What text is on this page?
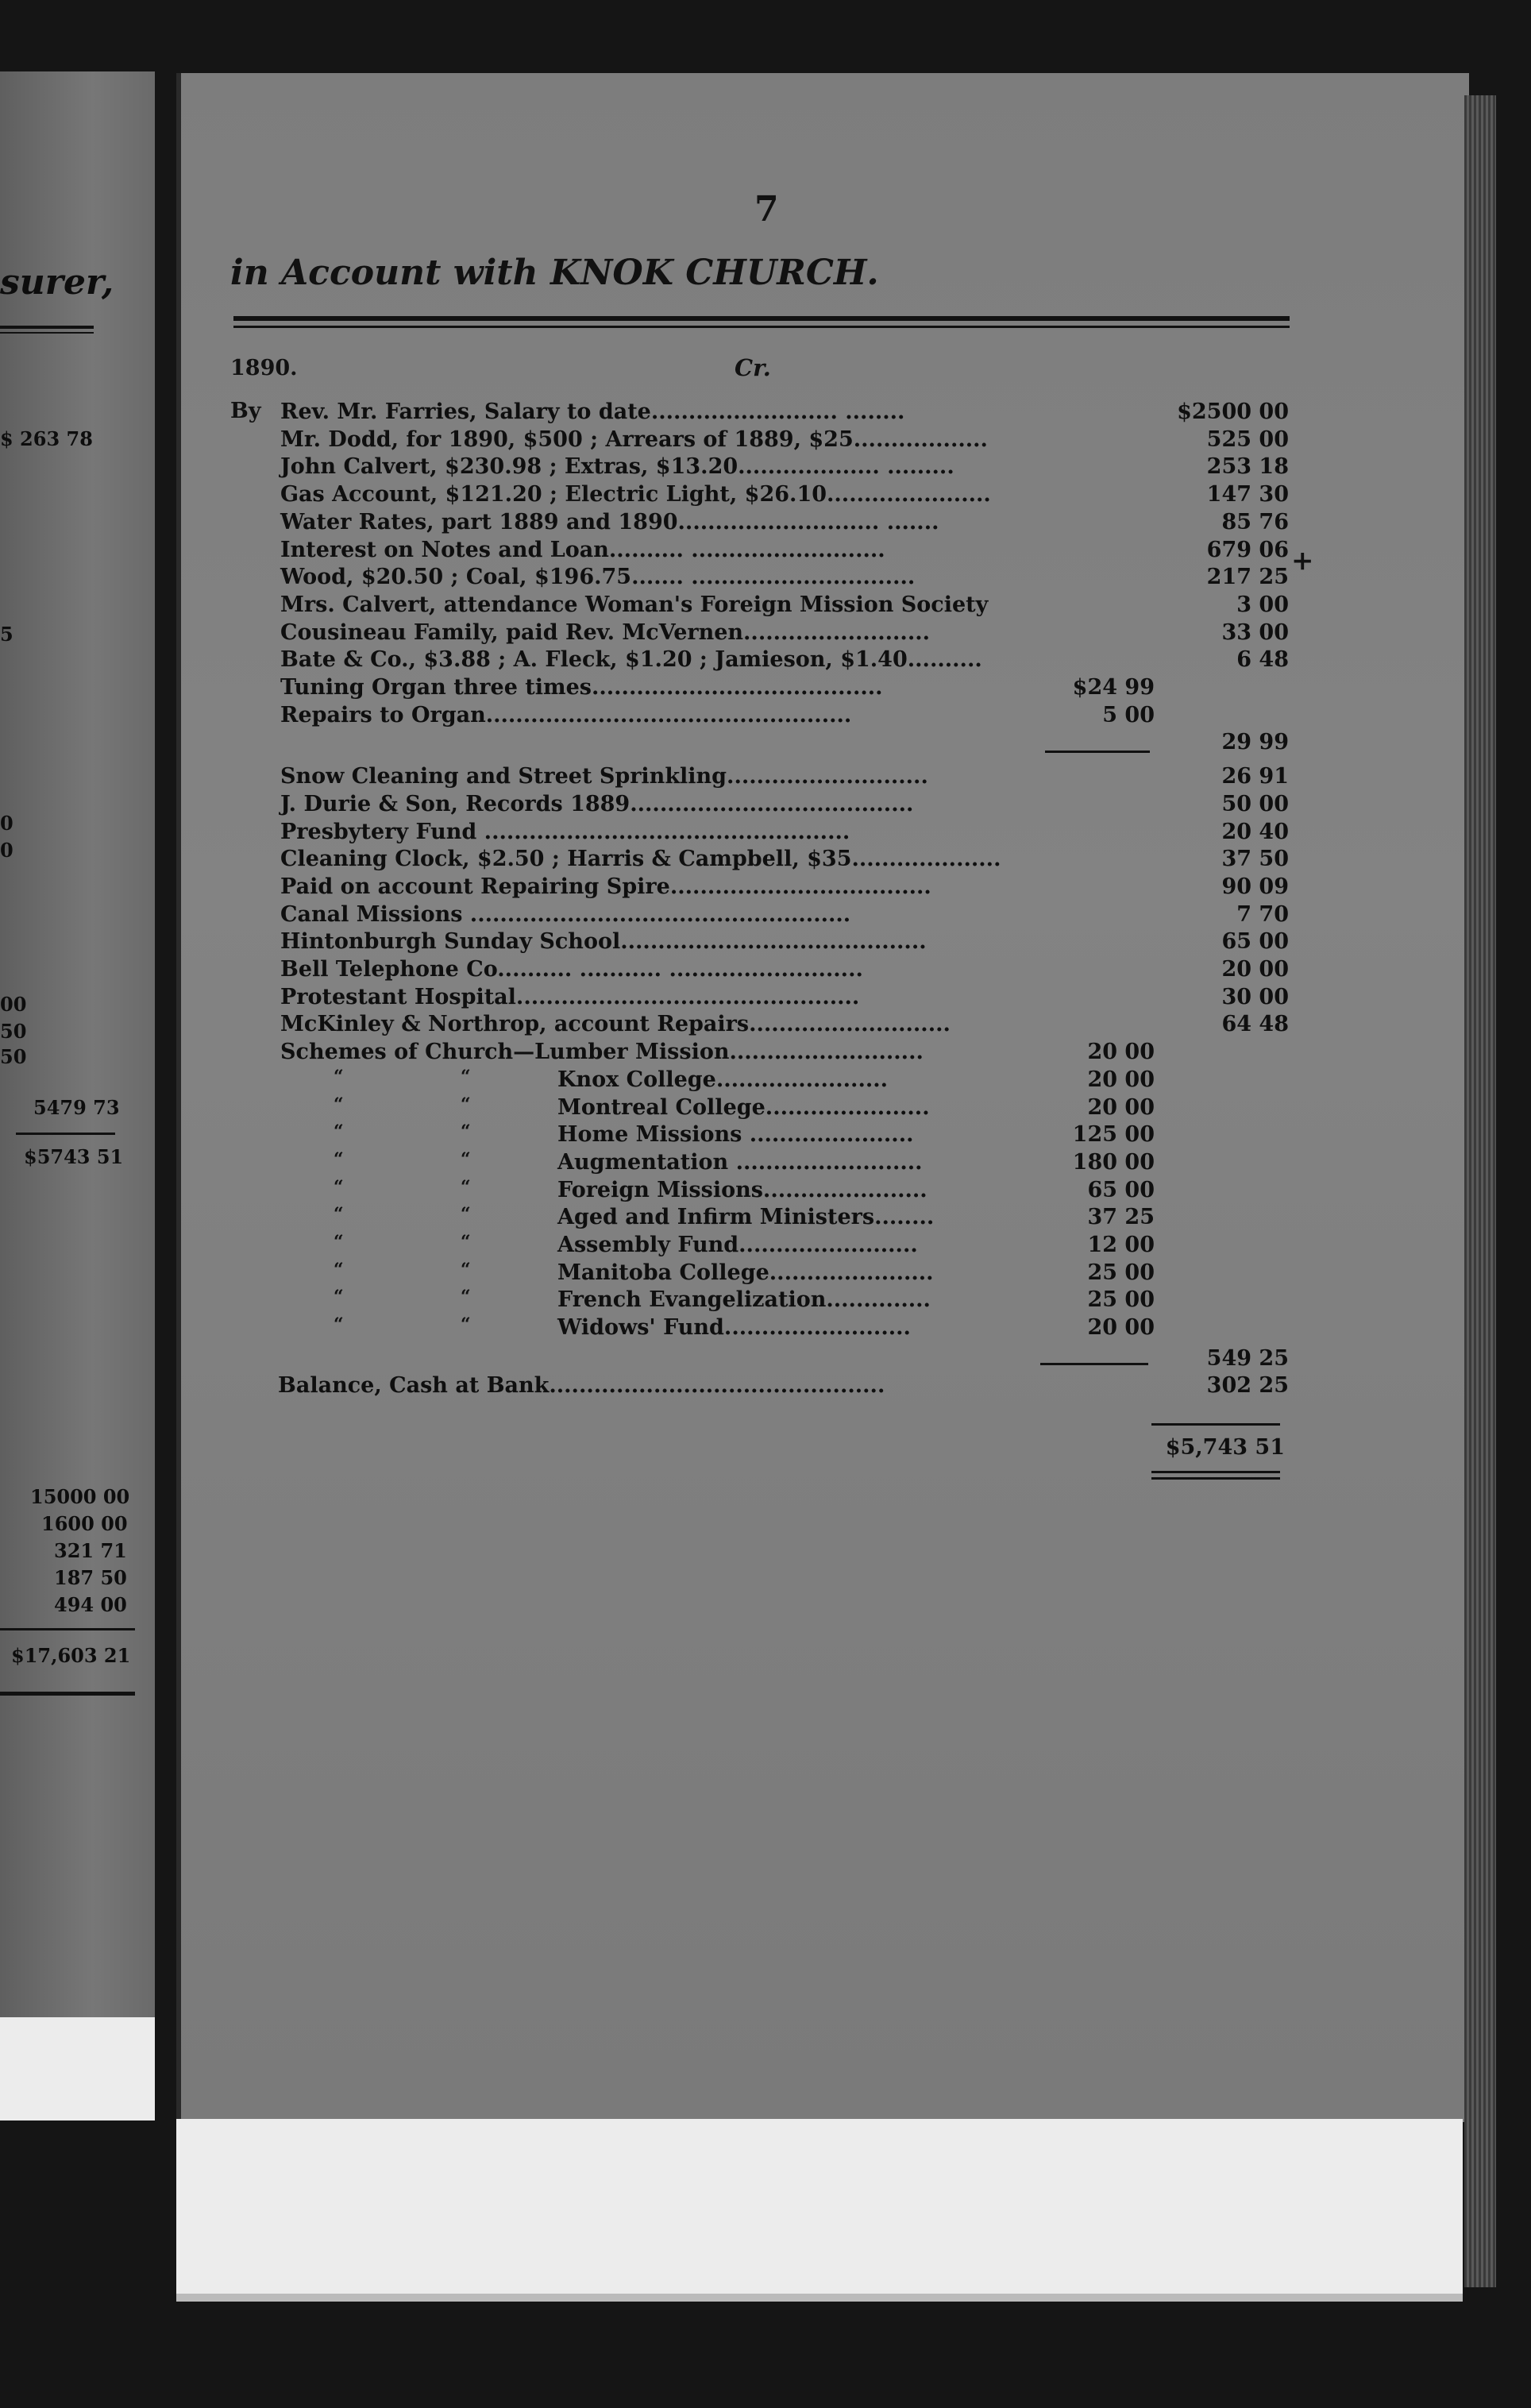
surer,
$ 263 78
5
0
0
00
50
50
5479 73
$5743 51
15000 00
1600 00
321 71
187 50
494 00
$17,603 21
7
in Account with KNOK CHURCH.
1890.	Cr.
By
+
Rev. Mr. Farries, Salary to date......................... ........	$2500 00
Mr. Dodd, for 1890, $500 ; Arrears of 1889, $25..................	525 00
John Calvert, $230.98 ; Extras, $13.20................... .........	253 18
Gas Account, $121.20 ; Electric Light, $26.10......................	147 30
Water Rates, part 1889 and 1890........................... .......	85 76
Interest on Notes and Loan.......... ..........................	679 06
Wood, $20.50 ; Coal, $196.75....... ..............................	217 25
Mrs. Calvert, attendance Woman's Foreign Mission Society	3 00
Cousineau Family, paid Rev. McVernen.........................	33 00
Bate & Co., $3.88 ; A. Fleck, $1.20 ; Jamieson, $1.40..........	6 48
Tuning Organ three times.......................................	$24 99
Repairs to Organ.................................................	5 00
29 99
Snow Cleaning and Street Sprinkling...........................	26 91
J. Durie & Son, Records 1889......................................	50 00
Presbytery Fund .................................................	20 40
Cleaning Clock, $2.50 ; Harris & Campbell, $35....................	37 50
Paid on account Repairing Spire...................................	90 09
Canal Missions ...................................................	7 70
Hintonburgh Sunday School.........................................	65 00
Bell Telephone Co.......... ........... ..........................	20 00
Protestant Hospital..............................................	30 00
McKinley & Northrop, account Repairs...........................	64 48
Schemes of Church—Lumber Mission..........................	20 00
“	“	Knox College.......................	20 00
“	“	Montreal College......................	20 00
“	“	Home Missions ......................	125 00
“	“	Augmentation .........................	180 00
“	“	Foreign Missions......................	65 00
“	“	Aged and Infirm Ministers........	37 25
“	“	Assembly Fund........................	12 00
“	“	Manitoba College......................	25 00
“	“	French Evangelization..............	25 00
“	“	Widows' Fund.........................	20 00
549 25
Balance, Cash at Bank.............................................	302 25
$5,743 51
